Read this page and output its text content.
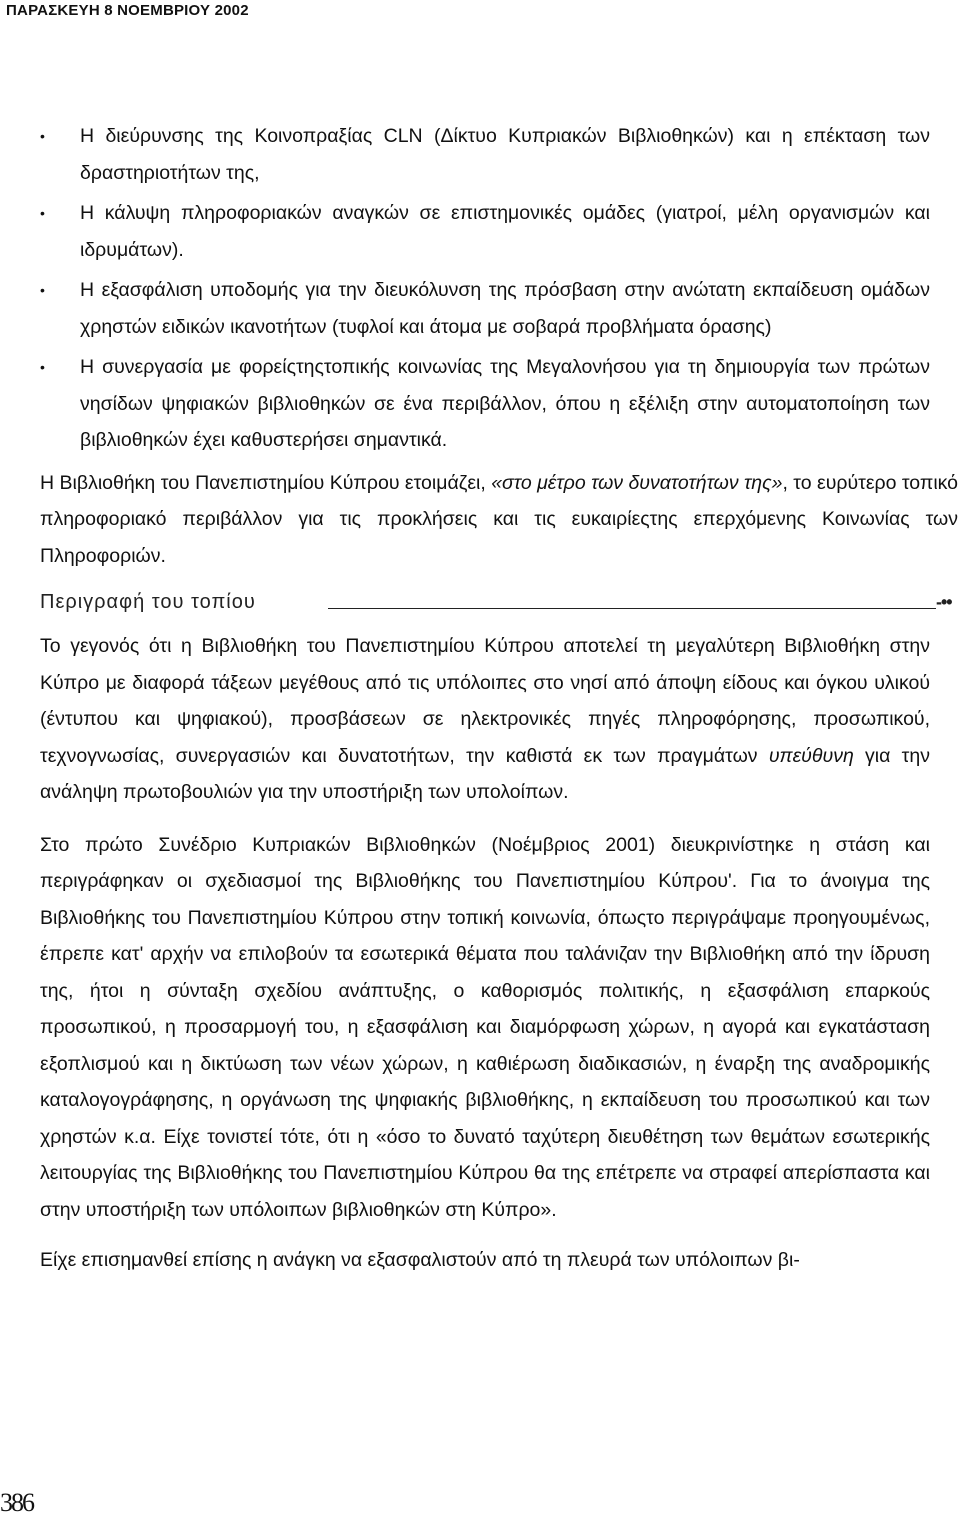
ΠΑΡΑΣΚΕΥΗ 8 ΝΟΕΜΒΡΙΟΥ 2002
•	Η διεύρυνσης της Κοινοπραξίας CLN (Δίκτυο Κυπριακών Βιβλιοθηκών) και η επέκταση των δραστηριοτήτων της,
•	Η κάλυψη πληροφοριακών αναγκών σε επιστημονικές ομάδες (γιατροί, μέλη οργανισμών και ιδρυμάτων).
•	Η εξασφάλιση υποδομής για την διευκόλυνση της πρόσβαση στην ανώτατη εκπαίδευση ομάδων χρηστών ειδικών ικανοτήτων (τυφλοί και άτομα με σοβαρά προβλήματα όρασης)
•	Η συνεργασία με φορείςτηςτοπικής κοινωνίας της Μεγαλονήσου για τη δημιουργία των πρώτων νησίδων ψηφιακών βιβλιοθηκών σε ένα περιβάλλον, όπου η εξέλιξη στην αυτοματοποίηση των βιβλιοθηκών έχει καθυστερήσει σημαντικά.

Η Βιβλιοθήκη του Πανεπιστημίου Κύπρου ετοιμάζει, «στο μέτρο των δυνατοτήτων της», το ευρύτερο τοπικό πληροφοριακό περιβάλλον για τις προκλήσεις και τις ευκαιρίεςτης επερχόμενης Κοινωνίας των Πληροφοριών.

Περιγραφή του τοπίου	-••

Το γεγονός ότι η Βιβλιοθήκη του Πανεπιστημίου Κύπρου αποτελεί τη μεγαλύτερη Βιβλιοθήκη στην Κύπρο με διαφορά τάξεων μεγέθους από τις υπόλοιπες στο νησί από άποψη είδους και όγκου υλικού (έντυπου και ψηφιακού), προσβάσεων σε ηλεκτρονικές πηγές πληροφόρησης, προσωπικού, τεχνογνωσίας, συνεργασιών και δυνατοτήτων, την καθιστά εκ των πραγμάτων υπεύθυνη για την ανάληψη πρωτοβουλιών για την υποστήριξη των υπολοίπων.

Στο πρώτο Συνέδριο Κυπριακών Βιβλιοθηκών (Νοέμβριος 2001) διευκρινίστηκε η στάση και περιγράφηκαν οι σχεδιασμοί της Βιβλιοθήκης του Πανεπιστημίου Κύπρου'. Για το άνοιγμα της Βιβλιοθήκης του Πανεπιστημίου Κύπρου στην τοπική κοινωνία, όπωςτο περιγράψαμε προηγουμένως, έπρεπε κατ' αρχήν να επιλοβούν τα εσωτερικά θέματα που ταλάνιζαν την Βιβλιοθήκη από την ίδρυση της, ήτοι η σύνταξη σχεδίου ανάπτυξης, ο καθορισμός πολιτικής, η εξασφάλιση επαρκούς προσωπικού, η προσαρμογή του, η εξασφάλιση και διαμόρφωση χώρων, η αγορά και εγκατάσταση εξοπλισμού και η δικτύωση των νέων χώρων, η καθιέρωση διαδικασιών, η έναρξη της αναδρομικής καταλογογράφησης, η οργάνωση της ψηφιακής βιβλιοθήκης, η εκπαίδευση του προσωπικού και των χρηστών κ.α. Είχε τονιστεί τότε, ότι η «όσο το δυνατό ταχύτερη διευθέτηση των θεμάτων εσωτερικής λειτουργίας της Βιβλιοθήκης του Πανεπιστημίου Κύπρου θα της επέτρεπε να στραφεί απερίσπαστα και στην υποστήριξη των υπόλοιπων βιβλιοθηκών στη Κύπρο».

Είχε επισημανθεί επίσης η ανάγκη να εξασφαλιστούν από τη πλευρά των υπόλοιπων βι-

386
